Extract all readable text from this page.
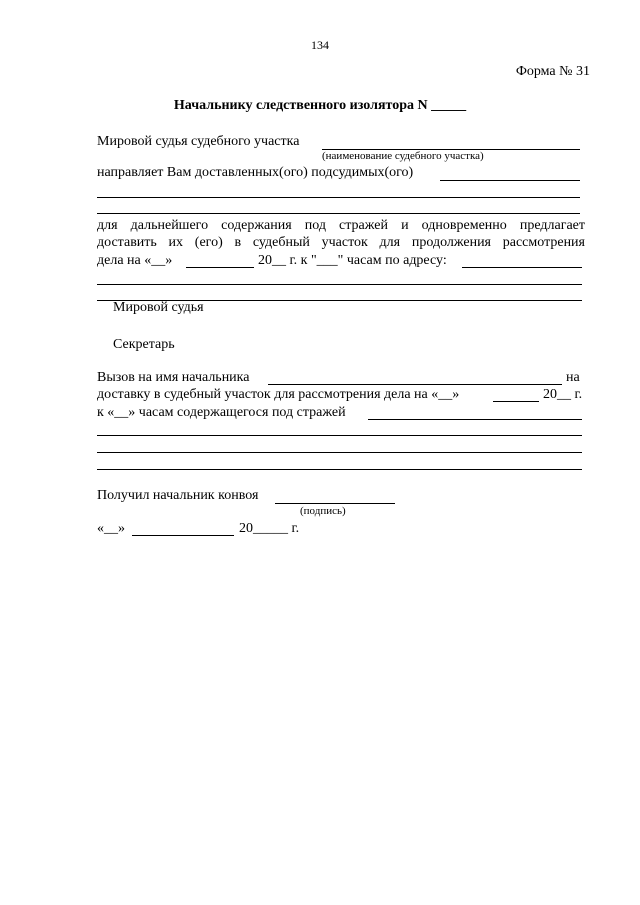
134
Форма № 31
Начальнику следственного изолятора N _____
Мировой судья судебного участка
(наименование судебного участка)
направляет Вам доставленных(ого) подсудимых(ого)
для дальнейшего содержания под стражей и одновременно предлагает
доставить их (его) в судебный участок для продолжения рассмотрения
дела на «__»	20__ г. к "___" часам по адресу:
Мировой судья
Секретарь
Вызов на имя начальника	на
доставку в судебный участок для рассмотрения дела на «__»	20__ г.
к «__» часам содержащегося под стражей
Получил начальник конвоя
(подпись)
«__»	20_____ г.
